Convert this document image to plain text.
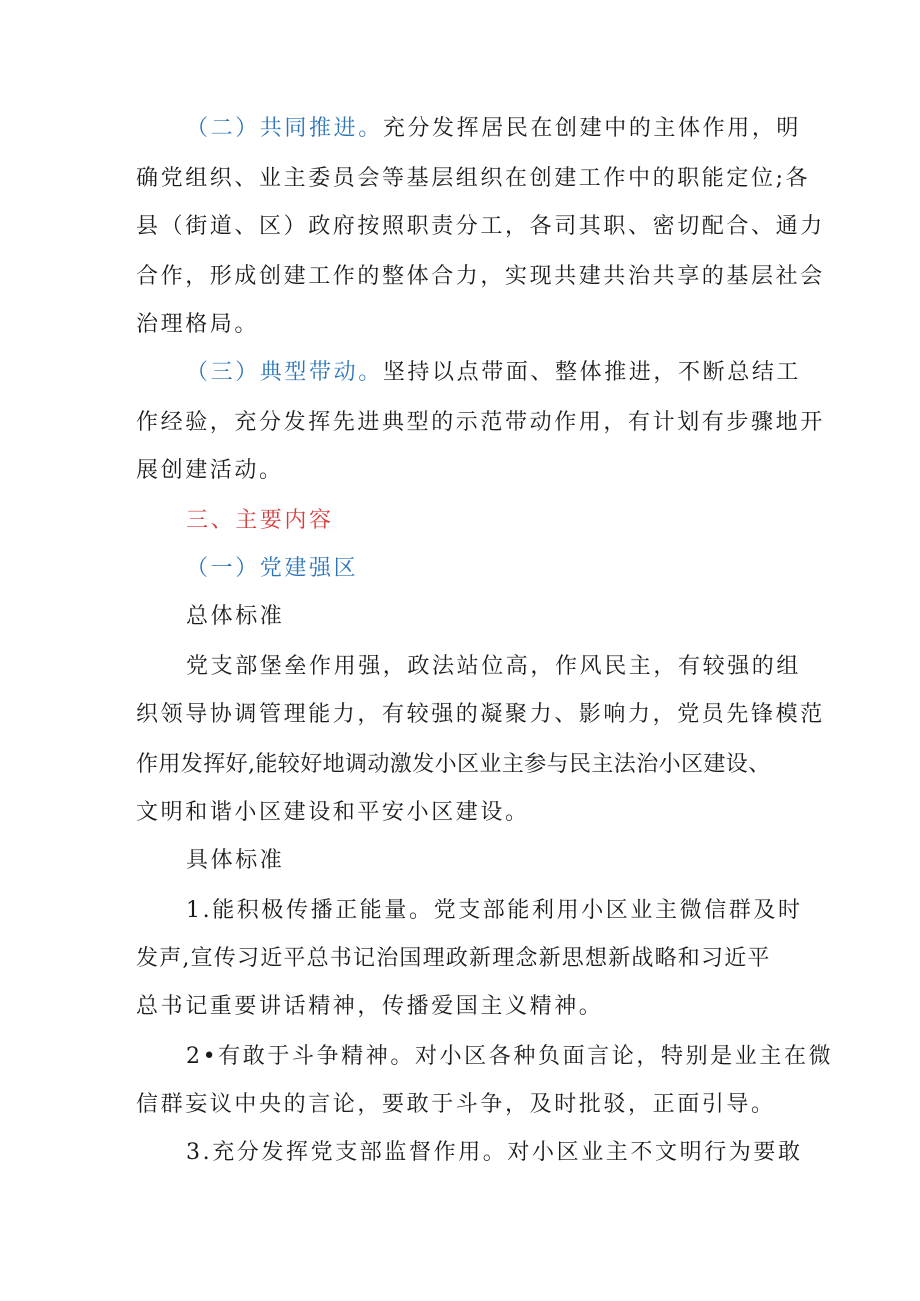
（二）共同推进。充分发挥居民在创建中的主体作用，明
确党组织、业主委员会等基层组织在创建工作中的职能定位;各
县（街道、区）政府按照职责分工，各司其职、密切配合、通力
合作，形成创建工作的整体合力，实现共建共治共享的基层社会
治理格局。
（三）典型带动。坚持以点带面、整体推进，不断总结工
作经验，充分发挥先进典型的示范带动作用，有计划有步骤地开
展创建活动。
三、主要内容
（一）党建强区
总体标准
党支部堡垒作用强，政法站位高，作风民主，有较强的组
织领导协调管理能力，有较强的凝聚力、影响力，党员先锋模范
作用发挥好,能较好地调动激发小区业主参与民主法治小区建设、
文明和谐小区建设和平安小区建设。
具体标准
1.能积极传播正能量。党支部能利用小区业主微信群及时
发声,宣传习近平总书记治国理政新理念新思想新战略和习近平
总书记重要讲话精神，传播爱国主义精神。
2•有敢于斗争精神。对小区各种负面言论，特别是业主在微
信群妄议中央的言论，要敢于斗争，及时批驳，正面引导。
3.充分发挥党支部监督作用。对小区业主不文明行为要敢
